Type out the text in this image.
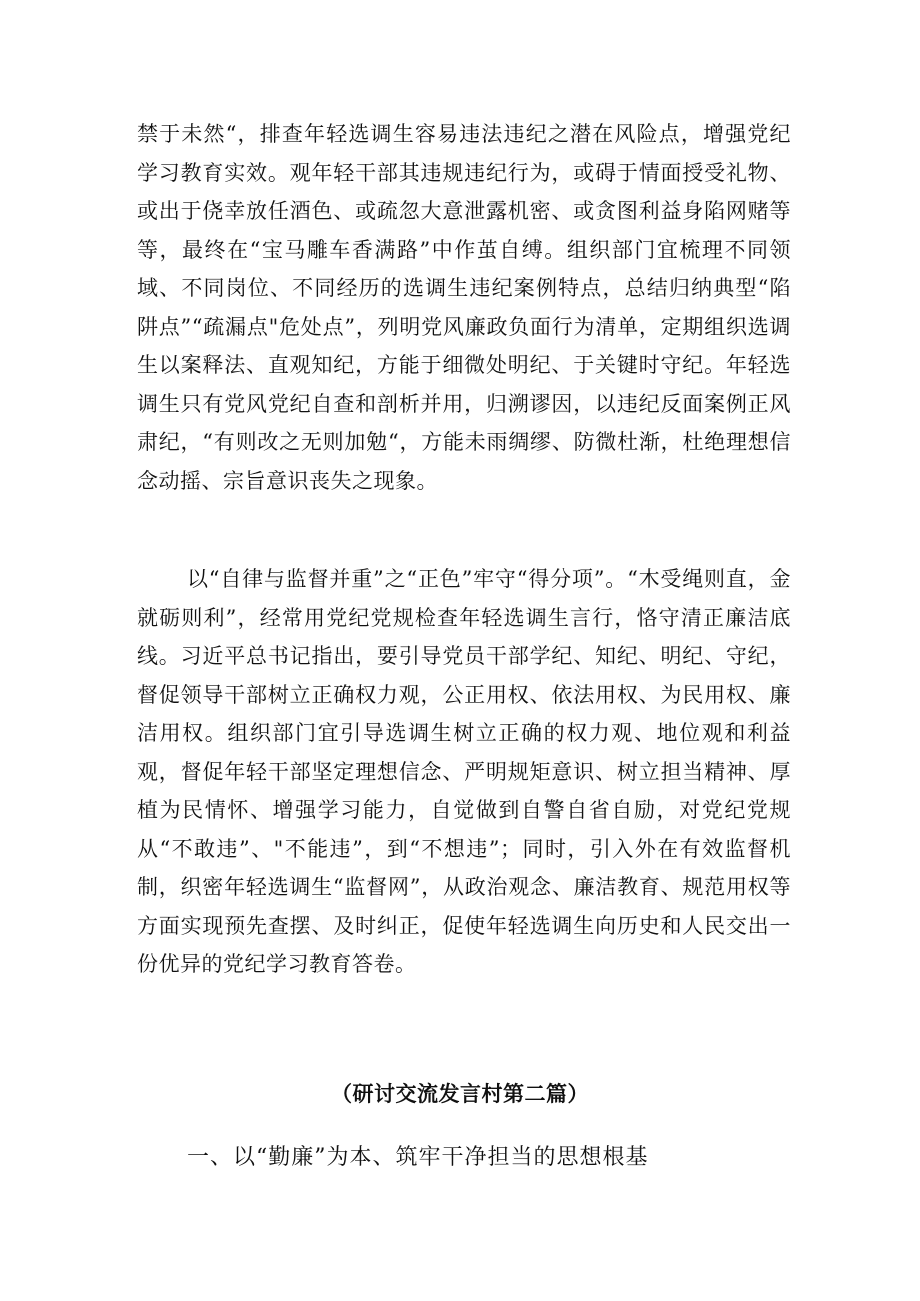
禁于未然“，排查年轻选调生容易违法违纪之潜在风险点，增强党纪学习教育实效。观年轻干部其违规违纪行为，或碍于情面授受礼物、或出于侥幸放任酒色、或疏忽大意泄露机密、或贪图利益身陷网赌等等，最终在“宝马雕车香满路”中作茧自缚。组织部门宜梳理不同领域、不同岗位、不同经历的选调生违纪案例特点，总结归纳典型“陷阱点”“疏漏点"危处点”，列明党风廉政负面行为清单，定期组织选调生以案释法、直观知纪，方能于细微处明纪、于关键时守纪。年轻选调生只有党风党纪自查和剖析并用，归溯谬因，以违纪反面案例正风肃纪，“有则改之无则加勉“，方能未雨绸缪、防微杜渐，杜绝理想信念动摇、宗旨意识丧失之现象。

以“自律与监督并重”之“正色”牢守“得分项”。“木受绳则直，金就砺则利”，经常用党纪党规检查年轻选调生言行，恪守清正廉洁底线。习近平总书记指出，要引导党员干部学纪、知纪、明纪、守纪，督促领导干部树立正确权力观，公正用权、依法用权、为民用权、廉洁用权。组织部门宜引导选调生树立正确的权力观、地位观和利益观，督促年轻干部坚定理想信念、严明规矩意识、树立担当精神、厚植为民情怀、增强学习能力，自觉做到自警自省自励，对党纪党规从“不敢违”、"不能违”，到“不想违”；同时，引入外在有效监督机制，织密年轻选调生“监督网”，从政治观念、廉洁教育、规范用权等方面实现预先查摆、及时纠正，促使年轻选调生向历史和人民交出一份优异的党纪学习教育答卷。

（研讨交流发言村第二篇）

一、以“勤廉”为本、筑牢干净担当的思想根基
